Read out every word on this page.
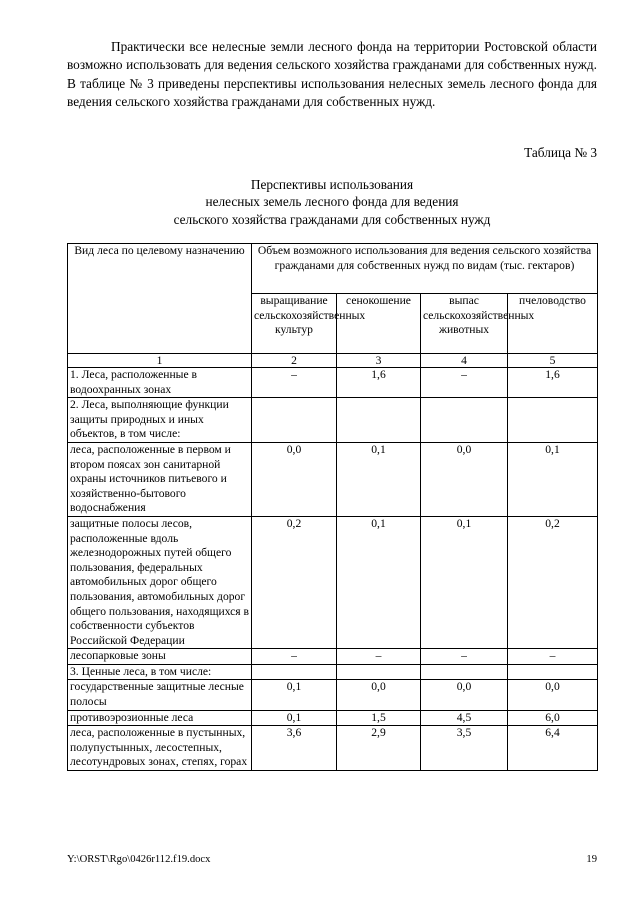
Практически все нелесные земли лесного фонда на территории Ростовской области возможно использовать для ведения сельского хозяйства гражданами для собственных нужд. В таблице № 3 приведены перспективы использования нелесных земель лесного фонда для ведения сельского хозяйства гражданами для собственных нужд.

Таблица № 3
Перспективы использования
нелесных земель лесного фонда для ведения
сельского хозяйства гражданами для собственных нужд
Вид леса по целевому назначению	Объем возможного использования для ведения сельского хозяйства гражданами для собственных нужд по видам (тыс. гектаров)			
	выращивание сельскохозяйственных культур	сенокошение	выпас сельскохозяйственных животных	пчеловодство
1	2	3	4	5
1. Леса, расположенные в водоохранных зонах	–	1,6	–	1,6
2. Леса, выполняющие функции защиты природных и иных объектов, в том числе:				
леса, расположенные в первом и втором поясах зон санитарной охраны источников питьевого и хозяйственно-бытового водоснабжения	0,0	0,1	0,0	0,1
защитные полосы лесов, расположенные вдоль железнодорожных путей общего пользования, федеральных автомобильных дорог общего пользования, автомобильных дорог общего пользования, находящихся в собственности субъектов Российской Федерации	0,2	0,1	0,1	0,2
лесопарковые зоны	–	–	–	–
3. Ценные леса, в том числе:				
государственные защитные лесные полосы	0,1	0,0	0,0	0,0
противоэрозионные леса	0,1	1,5	4,5	6,0
леса, расположенные в пустынных, полупустынных, лесостепных, лесотундровых зонах, степях, горах	3,6	2,9	3,5	6,4
Y:\ORST\Rgo\0426r112.f19.docx	19
